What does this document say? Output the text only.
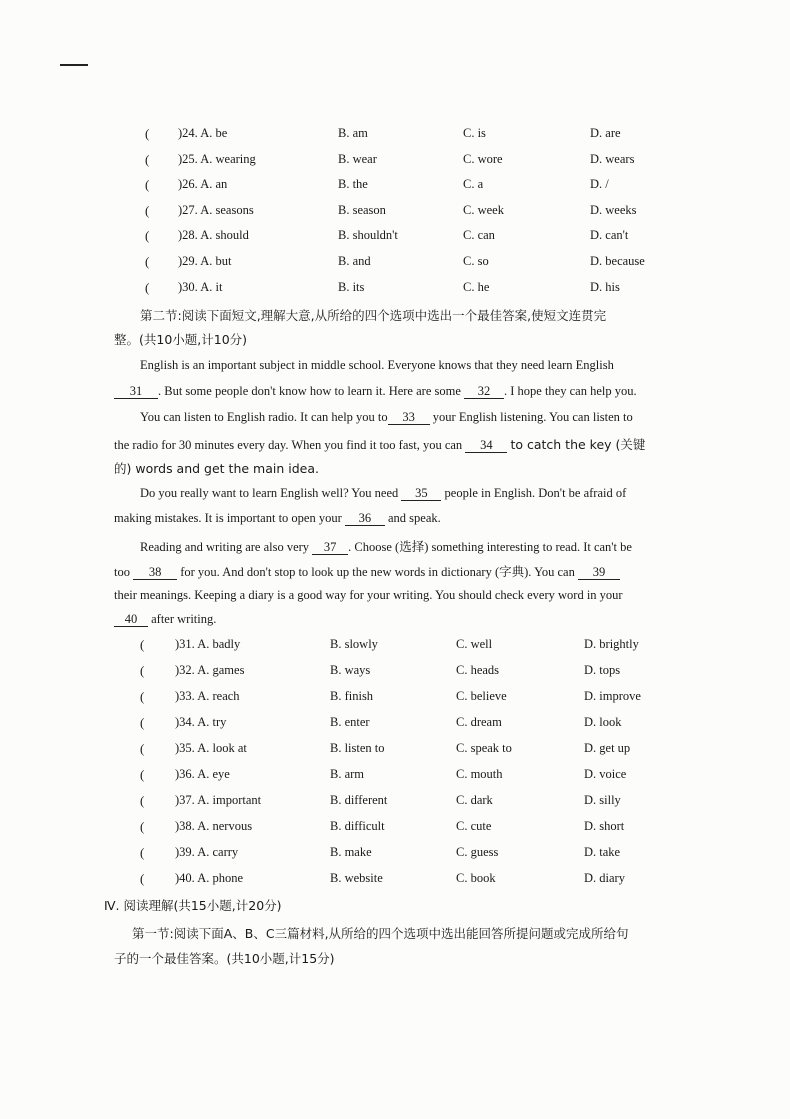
( )24. A. be	B. am	C. is	D. are
( )25. A. wearing	B. wear	C. wore	D. wears
( )26. A. an	B. the	C. a	D. /
( )27. A. seasons	B. season	C. week	D. weeks
( )28. A. should	B. shouldn't	C. can	D. can't
( )29. A. but	B. and	C. so	D. because
( )30. A. it	B. its	C. he	D. his
第二节:阅读下面短文,理解大意,从所给的四个选项中选出一个最佳答案,使短文连贯完
整。(共10小题,计10分)
English is an important subject in middle school. Everyone knows that they need learn English
31 . But some people don't know how to learn it. Here are some 32 . I hope they can help you.
You can listen to English radio. It can help you to 33 your English listening. You can listen to
the radio for 30 minutes every day. When you find it too fast, you can 34 to catch the key (关键
的) words and get the main idea.
Do you really want to learn English well? You need 35 people in English. Don't be afraid of
making mistakes. It is important to open your 36 and speak.
Reading and writing are also very 37 . Choose (选择) something interesting to read. It can't be
too 38 for you. And don't stop to look up the new words in dictionary (字典). You can 39
their meanings. Keeping a diary is a good way for your writing. You should check every word in your
40 after writing.
( )31. A. badly	B. slowly	C. well	D. brightly
( )32. A. games	B. ways	C. heads	D. tops
( )33. A. reach	B. finish	C. believe	D. improve
( )34. A. try	B. enter	C. dream	D. look
( )35. A. look at	B. listen to	C. speak to	D. get up
( )36. A. eye	B. arm	C. mouth	D. voice
( )37. A. important	B. different	C. dark	D. silly
( )38. A. nervous	B. difficult	C. cute	D. short
( )39. A. carry	B. make	C. guess	D. take
( )40. A. phone	B. website	C. book	D. diary
Ⅳ. 阅读理解(共15小题,计20分)
第一节:阅读下面A、B、C三篇材料,从所给的四个选项中选出能回答所提问题或完成所给句
子的一个最佳答案。(共10小题,计15分)
